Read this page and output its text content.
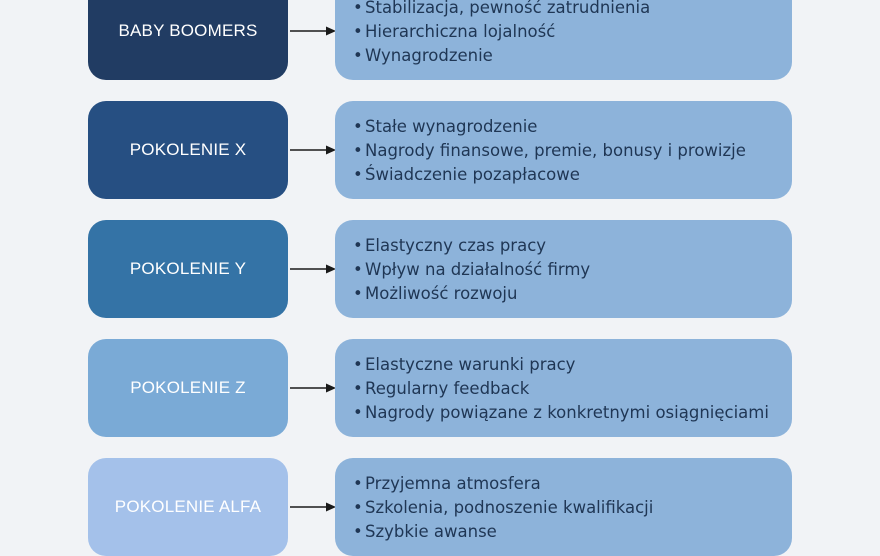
BABY BOOMERS
• Stabilizacja, pewność zatrudnienia
• Hierarchiczna lojalność
• Wynagrodzenie
POKOLENIE X
• Stałe wynagrodzenie
• Nagrody finansowe, premie, bonusy i prowizje
• Świadczenie pozapłacowe
POKOLENIE Y
• Elastyczny czas pracy
• Wpływ na działalność firmy
• Możliwość rozwoju
POKOLENIE Z
• Elastyczne warunki pracy
• Regularny feedback
• Nagrody powiązane z konkretnymi osiągnięciami
POKOLENIE ALFA
• Przyjemna atmosfera
• Szkolenia, podnoszenie kwalifikacji
• Szybkie awanse
